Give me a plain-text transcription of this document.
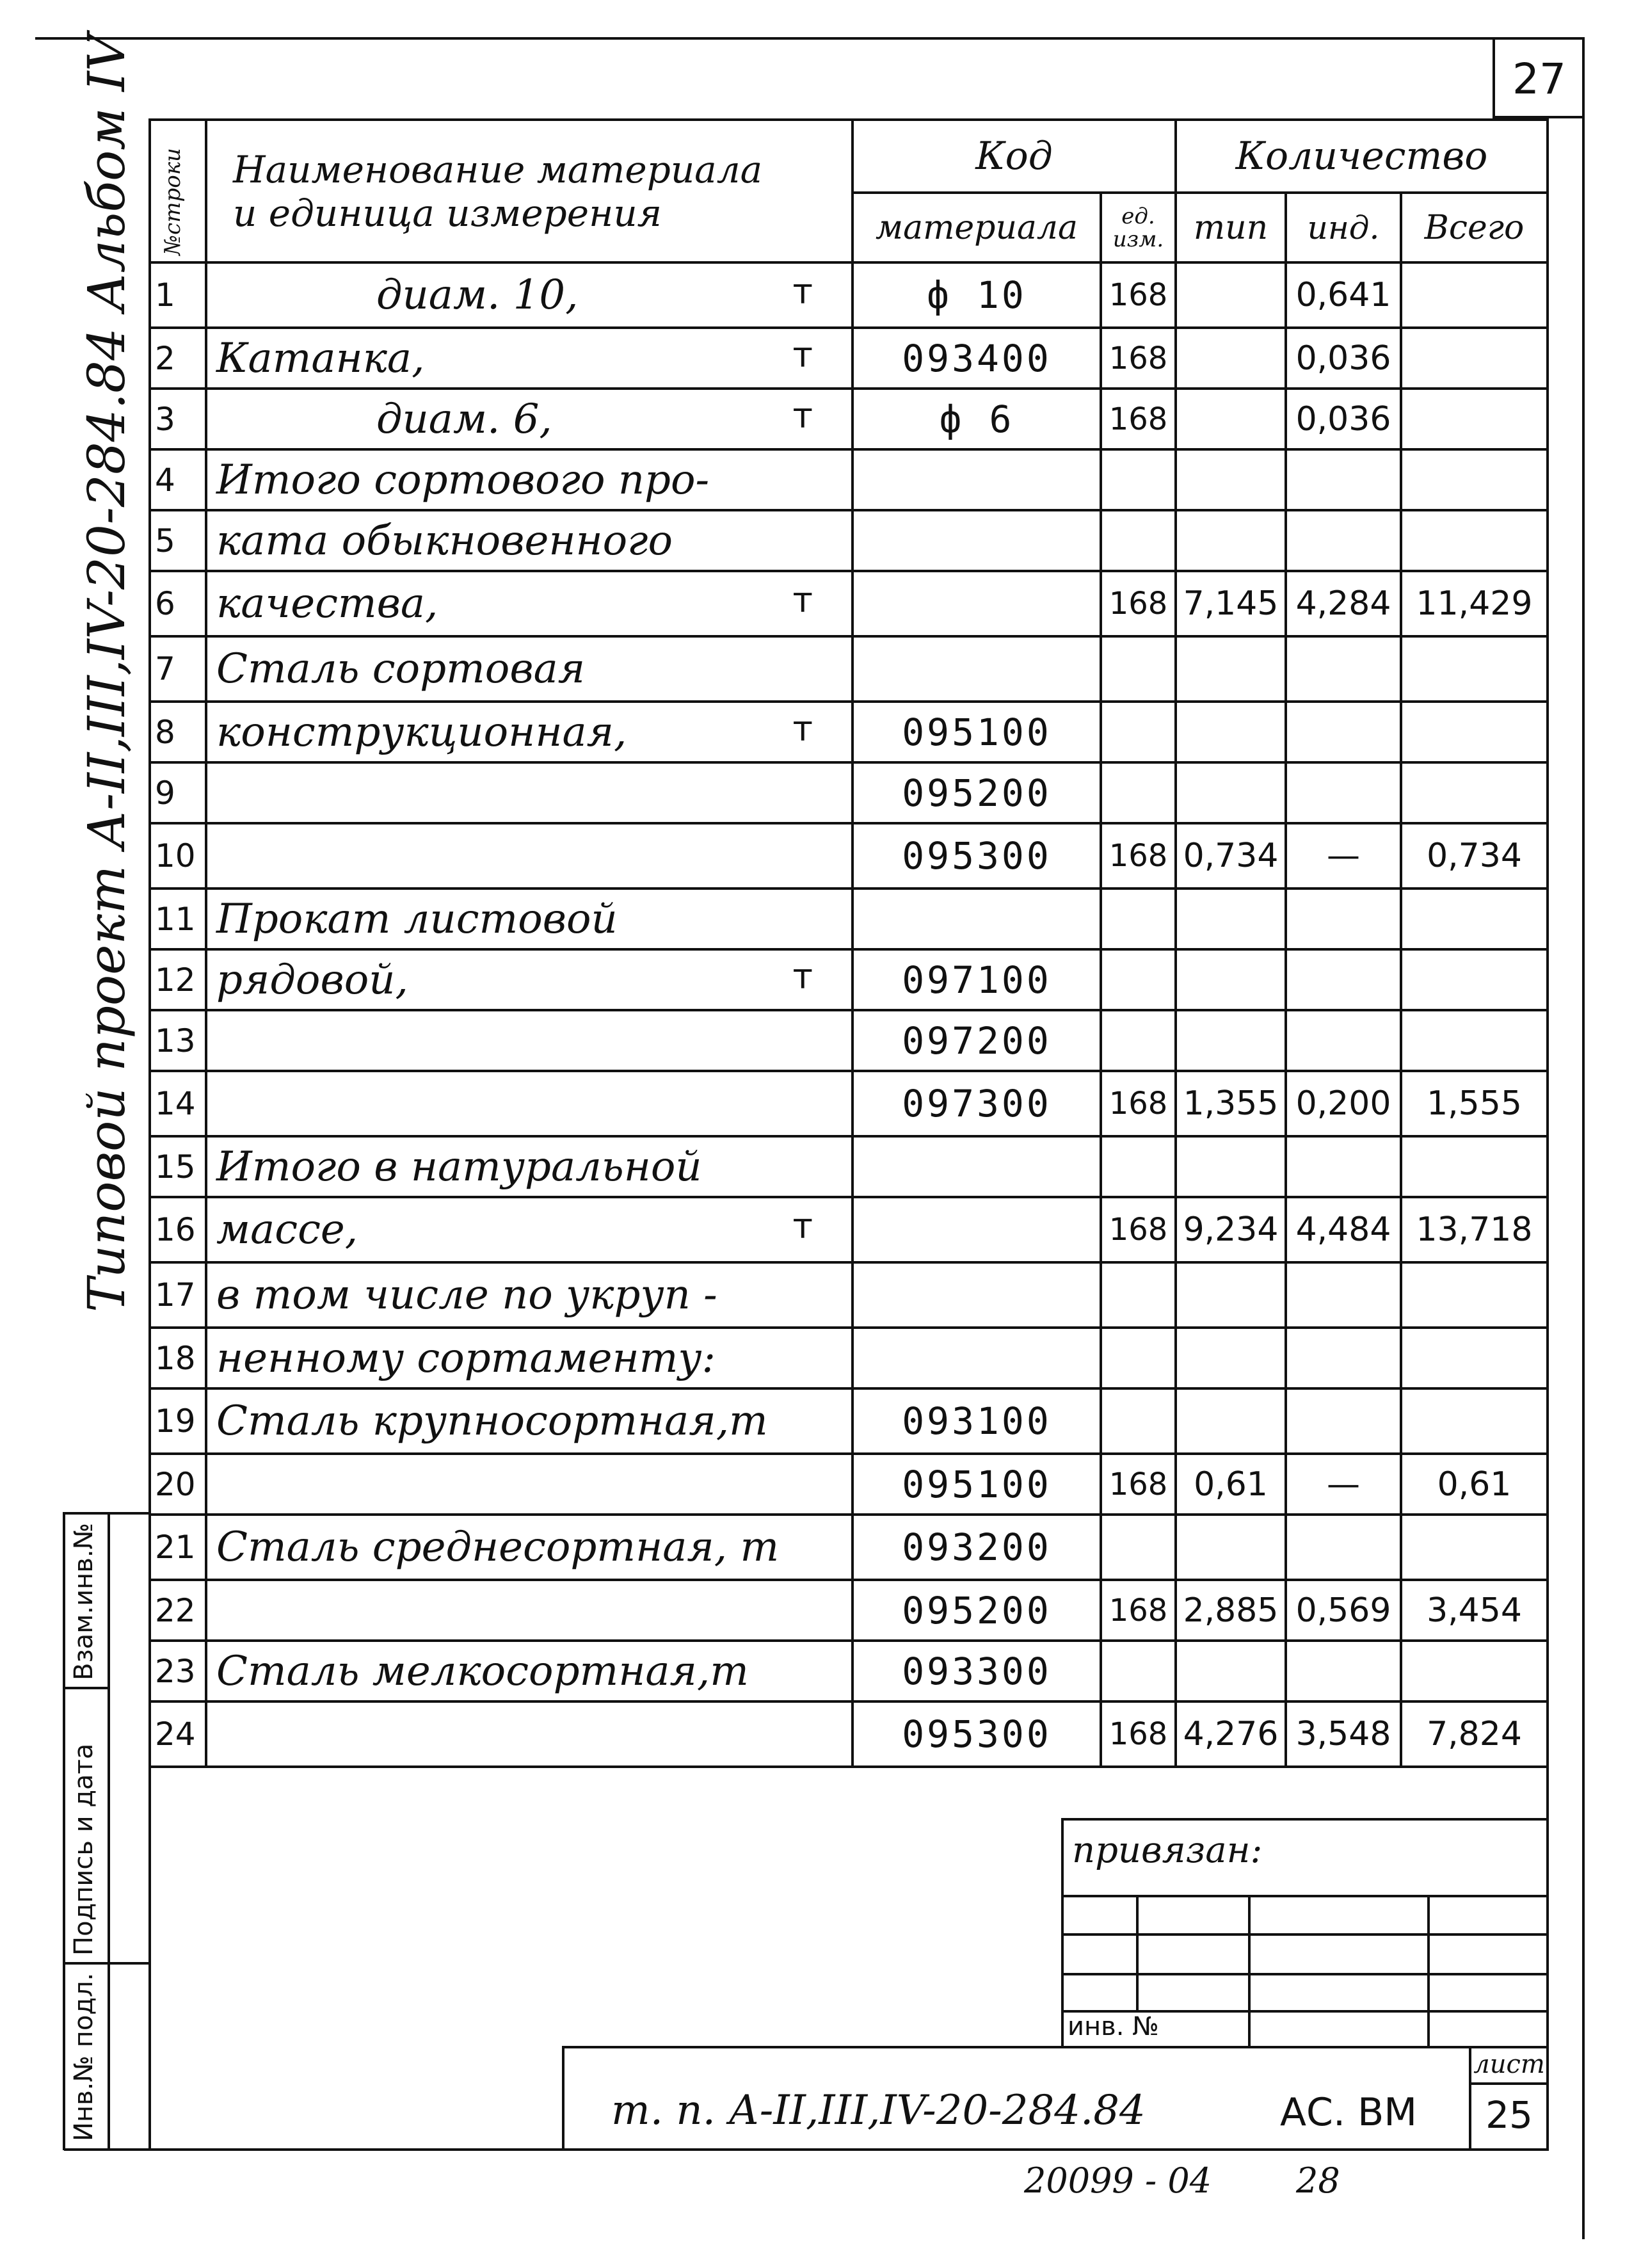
27
Типовой проект А-II,III,IV-20-284.84 Альбом IV
Взам.инв.№
Подпись и дата
Инв.№ подл.
№строки	Наименование материала
и единица измерения	Код		Количество		
		материала	ед. изм.	тип	инд.	Всего
1	диам. 10, т	ф 10	168		0,641	
2	Катанка, т	093400	168		0,036	
3	диам. 6, т	ф 6	168		0,036	
4	Итого сортового про-

5	ката обыкновенного

6	качества, т		168	7,145	4,284	11,429
7	Сталь сортовая

8	конструкционная, т	095100				
9		095200				
10		095300	168	0,734	—	0,734
11	Прокат листовой

12	рядовой, т	097100				
13		097200				
14		097300	168	1,355	0,200	1,555
15	Итого в натуральной

16	массе, т		168	9,234	4,484	13,718
17	в том числе по укруп -

18	ненному сортаменту:

19	Сталь крупносортная,т	093100				
20		095100	168	0,61	—	0,61
21	Сталь среднесортная, т	093200				
22		095200	168	2,885	0,569	3,454
23	Сталь мелкосортная,т	093300				
24		095300	168	4,276	3,548	7,824
привязан:
инв. №
лист
25
т. п. А-II,III,IV-20-284.84	АС. ВМ
20099 - 04 28
